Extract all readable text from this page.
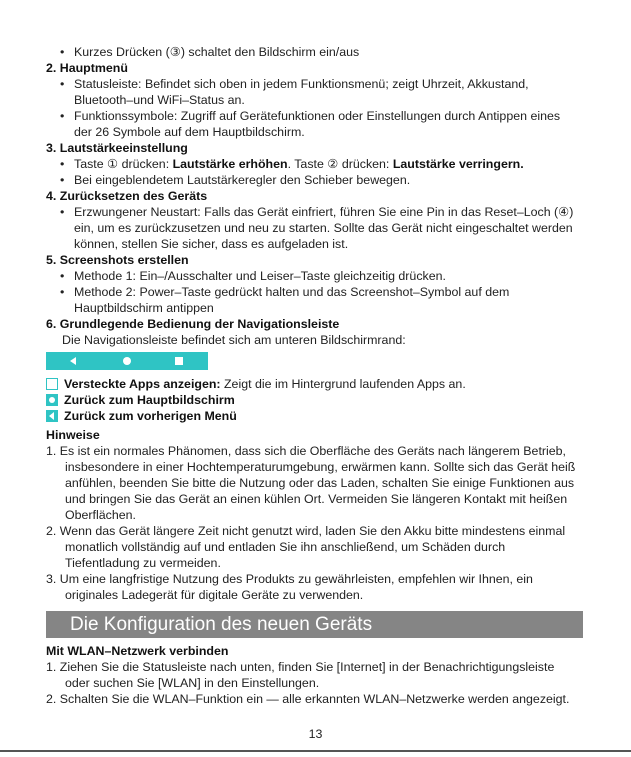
• Kurzes Drücken (③) schaltet den Bildschirm ein/aus
2. Hauptmenü
• Statusleiste: Befindet sich oben in jedem Funktionsmenü; zeigt Uhrzeit, Akkustand,
Bluetooth–und WiFi–Status an.
• Funktionssymbole: Zugriff auf Gerätefunktionen oder Einstellungen durch Antippen eines
der 26 Symbole auf dem Hauptbildschirm.
3. Lautstärkeeinstellung
• Taste ① drücken: Lautstärke erhöhen. Taste ② drücken: Lautstärke verringern.
• Bei eingeblendetem Lautstärkeregler den Schieber bewegen.
4. Zurücksetzen des Geräts
• Erzwungener Neustart: Falls das Gerät einfriert, führen Sie eine Pin in das Reset–Loch (④)
ein, um es zurückzusetzen und neu zu starten. Sollte das Gerät nicht eingeschaltet werden
können, stellen Sie sicher, dass es aufgeladen ist.
5. Screenshots erstellen
• Methode 1: Ein–/Ausschalter und Leiser–Taste gleichzeitig drücken.
• Methode 2: Power–Taste gedrückt halten und das Screenshot–Symbol auf dem
Hauptbildschirm antippen
6. Grundlegende Bedienung der Navigationsleiste
Die Navigationsleiste befindet sich am unteren Bildschirmrand:
Versteckte Apps anzeigen: Zeigt die im Hintergrund laufenden Apps an.
Zurück zum Hauptbildschirm
Zurück zum vorherigen Menü
Hinweise
1. Es ist ein normales Phänomen, dass sich die Oberfläche des Geräts nach längerem Betrieb,
insbesondere in einer Hochtemperaturumgebung, erwärmen kann. Sollte sich das Gerät heiß
anfühlen, beenden Sie bitte die Nutzung oder das Laden, schalten Sie einige Funktionen aus
und bringen Sie das Gerät an einen kühlen Ort. Vermeiden Sie längeren Kontakt mit heißen
Oberflächen.
2. Wenn das Gerät längere Zeit nicht genutzt wird, laden Sie den Akku bitte mindestens einmal
monatlich vollständig auf und entladen Sie ihn anschließend, um Schäden durch
Tiefentladung zu vermeiden.
3. Um eine langfristige Nutzung des Produkts zu gewährleisten, empfehlen wir Ihnen, ein
originales Ladegerät für digitale Geräte zu verwenden.
Die Konfiguration des neuen Geräts
Mit WLAN–Netzwerk verbinden
1. Ziehen Sie die Statusleiste nach unten, finden Sie [Internet] in der Benachrichtigungsleiste
oder suchen Sie [WLAN] in den Einstellungen.
2. Schalten Sie die WLAN–Funktion ein — alle erkannten WLAN–Netzwerke werden angezeigt.
13
